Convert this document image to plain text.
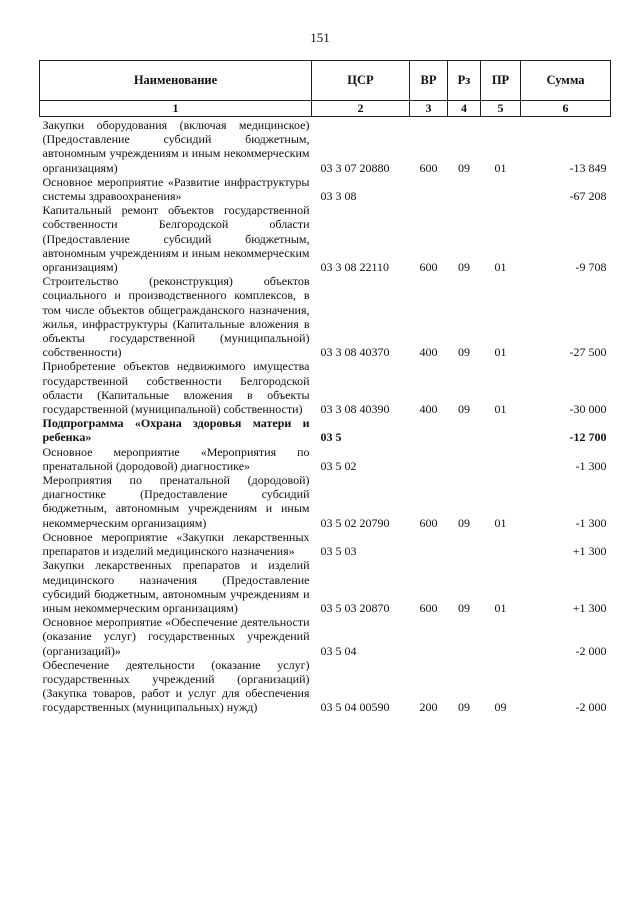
151
Наименование	ЦСР	ВР	Рз	ПР	Сумма
1	2	3	4	5	6
Закупки оборудования (включая медицинское) (Предоставление субсидий бюджетным, автономным учреждениям и иным некоммерческим организациям)	03 3 07 20880	600	09	01	-13 849
Основное мероприятие «Развитие инфраструктуры системы здравоохранения»	03 3 08				-67 208
Капитальный ремонт объектов государственной собственности Белгородской области (Предоставление субсидий бюджетным, автономным учреждениям и иным некоммерческим организациям)	03 3 08 22110	600	09	01	-9 708
Строительство (реконструкция) объектов социального и производственного комплексов, в том числе объектов общегражданского назначения, жилья, инфраструктуры (Капитальные вложения в объекты государственной (муниципальной) собственности)	03 3 08 40370	400	09	01	-27 500
Приобретение объектов недвижимого имущества государственной собственности Белгородской области (Капитальные вложения в объекты государственной (муниципальной) собственности)	03 3 08 40390	400	09	01	-30 000
Подпрограмма «Охрана здоровья матери и ребенка»	03 5				-12 700
Основное мероприятие «Мероприятия по пренатальной (дородовой) диагностике»	03 5 02				-1 300
Мероприятия по пренатальной (дородовой) диагностике (Предоставление субсидий бюджетным, автономным учреждениям и иным некоммерческим организациям)	03 5 02 20790	600	09	01	-1 300
Основное мероприятие «Закупки лекарственных препаратов и изделий медицинского назначения»	03 5 03				+1 300
Закупки лекарственных препаратов и изделий медицинского назначения (Предоставление субсидий бюджетным, автономным учреждениям и иным некоммерческим организациям)	03 5 03 20870	600	09	01	+1 300
Основное мероприятие «Обеспечение деятельности (оказание услуг) государственных учреждений (организаций)»	03 5 04				-2 000
Обеспечение деятельности (оказание услуг) государственных учреждений (организаций) (Закупка товаров, работ и услуг для обеспечения государственных (муниципальных) нужд)	03 5 04 00590	200	09	09	-2 000
